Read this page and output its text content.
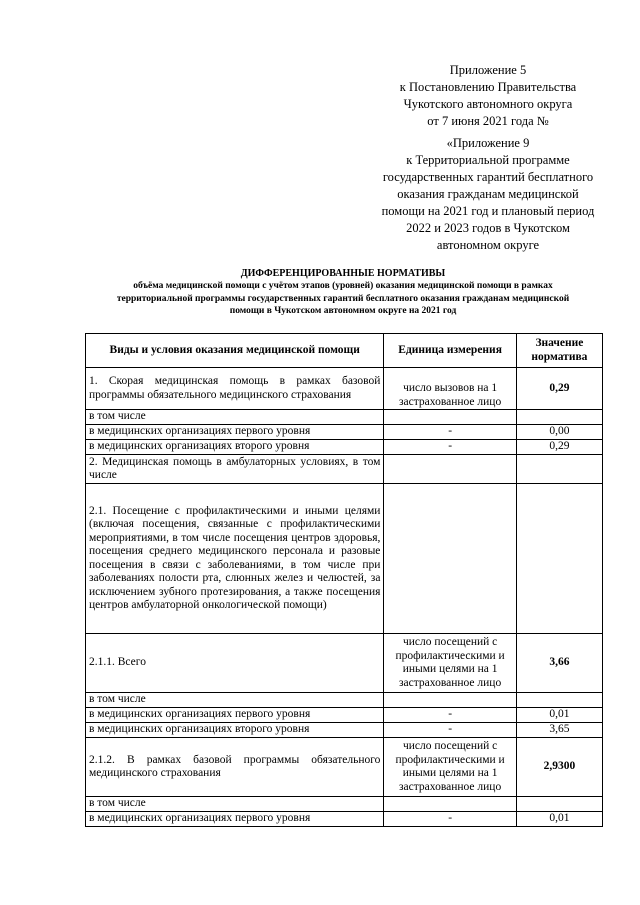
Приложение 5
к Постановлению Правительства
Чукотского автономного округа
от 7 июня 2021 года №
«Приложение 9
к Территориальной программе
государственных гарантий бесплатного
оказания гражданам медицинской
помощи на 2021 год и плановый период
2022 и 2023 годов в Чукотском
автономном округе
ДИФФЕРЕНЦИРОВАННЫЕ НОРМАТИВЫ
объёма медицинской помощи с учётом этапов (уровней) оказания медицинской помощи в рамках
территориальной программы государственных гарантий бесплатного оказания гражданам медицинской
помощи в Чукотском автономном округе на 2021 год
Виды и условия оказания медицинской помощи	Единица измерения	Значение норматива
1. Скорая медицинская помощь в рамках базовой программы обязательного медицинского страхования	число вызовов на 1 застрахованное лицо	0,29
в том числе		
в медицинских организациях первого уровня	-	0,00
в медицинских организациях второго уровня	-	0,29
2. Медицинская помощь в амбулаторных условиях, в том числе		
2.1. Посещение с профилактическими и иными целями (включая посещения, связанные с профилактическими мероприятиями, в том числе посещения центров здоровья, посещения среднего медицинского персонала и разовые посещения в связи с заболеваниями, в том числе при заболеваниях полости рта, слюнных желез и челюстей, за исключением зубного протезирования, а также посещения центров амбулаторной онкологической помощи)		
2.1.1. Всего	число посещений с профилактическими и иными целями на 1 застрахованное лицо	3,66
в том числе		
в медицинских организациях первого уровня	-	0,01
в медицинских организациях второго уровня	-	3,65
2.1.2. В рамках базовой программы обязательного медицинского страхования	число посещений с профилактическими и иными целями на 1 застрахованное лицо	2,9300
в том числе		
в медицинских организациях первого уровня	-	0,01
